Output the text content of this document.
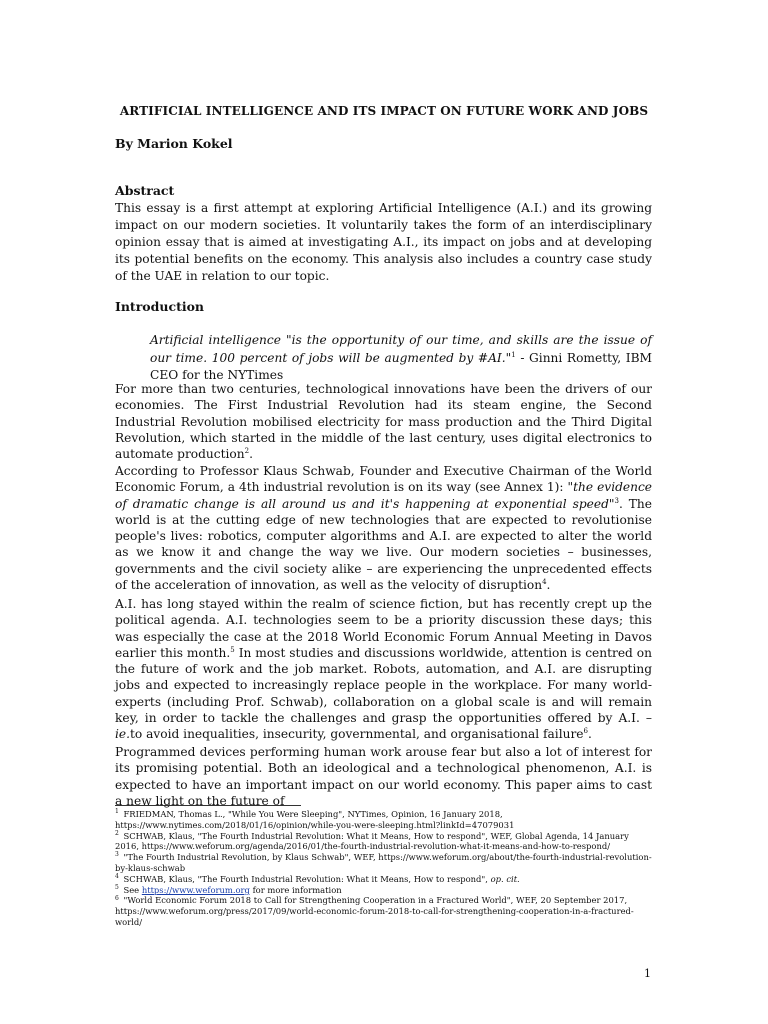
ARTIFICIAL INTELLIGENCE AND ITS IMPACT ON FUTURE WORK AND JOBS
By Marion Kokel
Abstract

This essay is a first attempt at exploring Artificial Intelligence (A.I.) and its growing impact on our modern societies. It voluntarily takes the form of an interdisciplinary opinion essay that is aimed at investigating A.I., its impact on jobs and at developing its potential benefits on the economy. This analysis also includes a country case study of the UAE in relation to our topic.

Introduction

Artificial intelligence "is the opportunity of our time, and skills are the issue of our time. 100 percent of jobs will be augmented by #AI."$^1$ - Ginni Rometty, IBM CEO for the NYTimes

For more than two centuries, technological innovations have been the drivers of our economies. The First Industrial Revolution had its steam engine, the Second Industrial Revolution mobilised electricity for mass production and the Third Digital Revolution, which started in the middle of the last century, uses digital electronics to automate production$^2$.

According to Professor Klaus Schwab, Founder and Executive Chairman of the World Economic Forum, a 4th industrial revolution is on its way (see Annex 1): "the evidence of dramatic change is all around us and it's happening at exponential speed"$^3$. The world is at the cutting edge of new technologies that are expected to revolutionise people's lives: robotics, computer algorithms and A.I. are expected to alter the world as we know it and change the way we live. Our modern societies – businesses, governments and the civil society alike – are experiencing the unprecedented effects of the acceleration of innovation, as well as the velocity of disruption$^4$.

A.I. has long stayed within the realm of science fiction, but has recently crept up the political agenda. A.I. technologies seem to be a priority discussion these days; this was especially the case at the 2018 World Economic Forum Annual Meeting in Davos earlier this month.$^5$ In most studies and discussions worldwide, attention is centred on the future of work and the job market. Robots, automation, and A.I. are disrupting jobs and expected to increasingly replace people in the workplace. For many world-experts (including Prof. Schwab), collaboration on a global scale is and will remain key, in order to tackle the challenges and grasp the opportunities offered by A.I. – ie.to avoid inequalities, insecurity, governmental, and organisational failure$^6$.

Programmed devices performing human work arouse fear but also a lot of interest for its promising potential. Both an ideological and a technological phenomenon, A.I. is expected to have an important impact on our world economy. This paper aims to cast a new light on the future of

$^1$ FRIEDMAN, Thomas L., "While You Were Sleeping", NYTimes, Opinion, 16 January 2018, https://www.nytimes.com/2018/01/16/opinion/while-you-were-sleeping.html?linkId=47079031

$^2$ SCHWAB, Klaus, "The Fourth Industrial Revolution: What it Means, How to respond", WEF, Global Agenda, 14 January 2016, https://www.weforum.org/agenda/2016/01/the-fourth-industrial-revolution-what-it-means-and-how-to-respond/

$^3$ "The Fourth Industrial Revolution, by Klaus Schwab", WEF, https://www.weforum.org/about/the-fourth-industrial-revolution-by-klaus-schwab

$^4$ SCHWAB, Klaus, "The Fourth Industrial Revolution: What it Means, How to respond", op. cit.

$^5$ See https://www.weforum.org for more information

$^6$ "World Economic Forum 2018 to Call for Strengthening Cooperation in a Fractured World", WEF, 20 September 2017, https://www.weforum.org/press/2017/09/world-economic-forum-2018-to-call-for-strengthening-cooperation-in-a-fractured-world/

1
